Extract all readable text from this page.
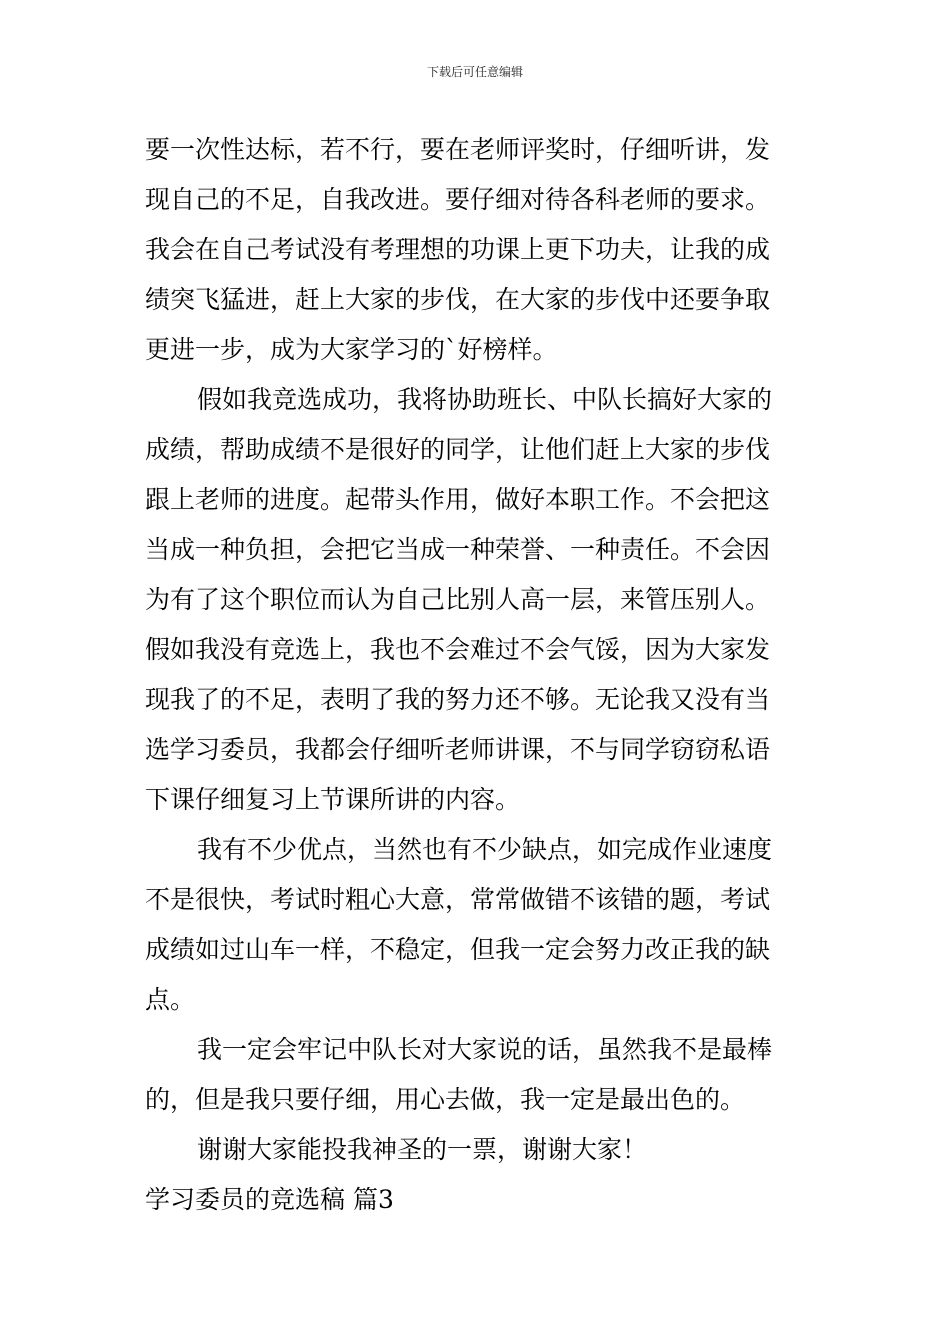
下载后可任意编辑
要一次性达标，若不行，要在老师评奖时，仔细听讲，发
现自己的不足，自我改进。要仔细对待各科老师的要求。
我会在自己考试没有考理想的功课上更下功夫，让我的成
绩突飞猛进，赶上大家的步伐，在大家的步伐中还要争取
更进一步，成为大家学习的`好榜样。
假如我竞选成功，我将协助班长、中队长搞好大家的
成绩，帮助成绩不是很好的同学，让他们赶上大家的步伐
跟上老师的进度。起带头作用，做好本职工作。不会把这
当成一种负担，会把它当成一种荣誉、一种责任。不会因
为有了这个职位而认为自己比别人高一层，来管压别人。
假如我没有竞选上，我也不会难过不会气馁，因为大家发
现我了的不足，表明了我的努力还不够。无论我又没有当
选学习委员，我都会仔细听老师讲课，不与同学窃窃私语
下课仔细复习上节课所讲的内容。
我有不少优点，当然也有不少缺点，如完成作业速度
不是很快，考试时粗心大意，常常做错不该错的题，考试
成绩如过山车一样，不稳定，但我一定会努力改正我的缺
点。
我一定会牢记中队长对大家说的话，虽然我不是最棒
的，但是我只要仔细，用心去做，我一定是最出色的。
谢谢大家能投我神圣的一票，谢谢大家！
学习委员的竞选稿 篇3
